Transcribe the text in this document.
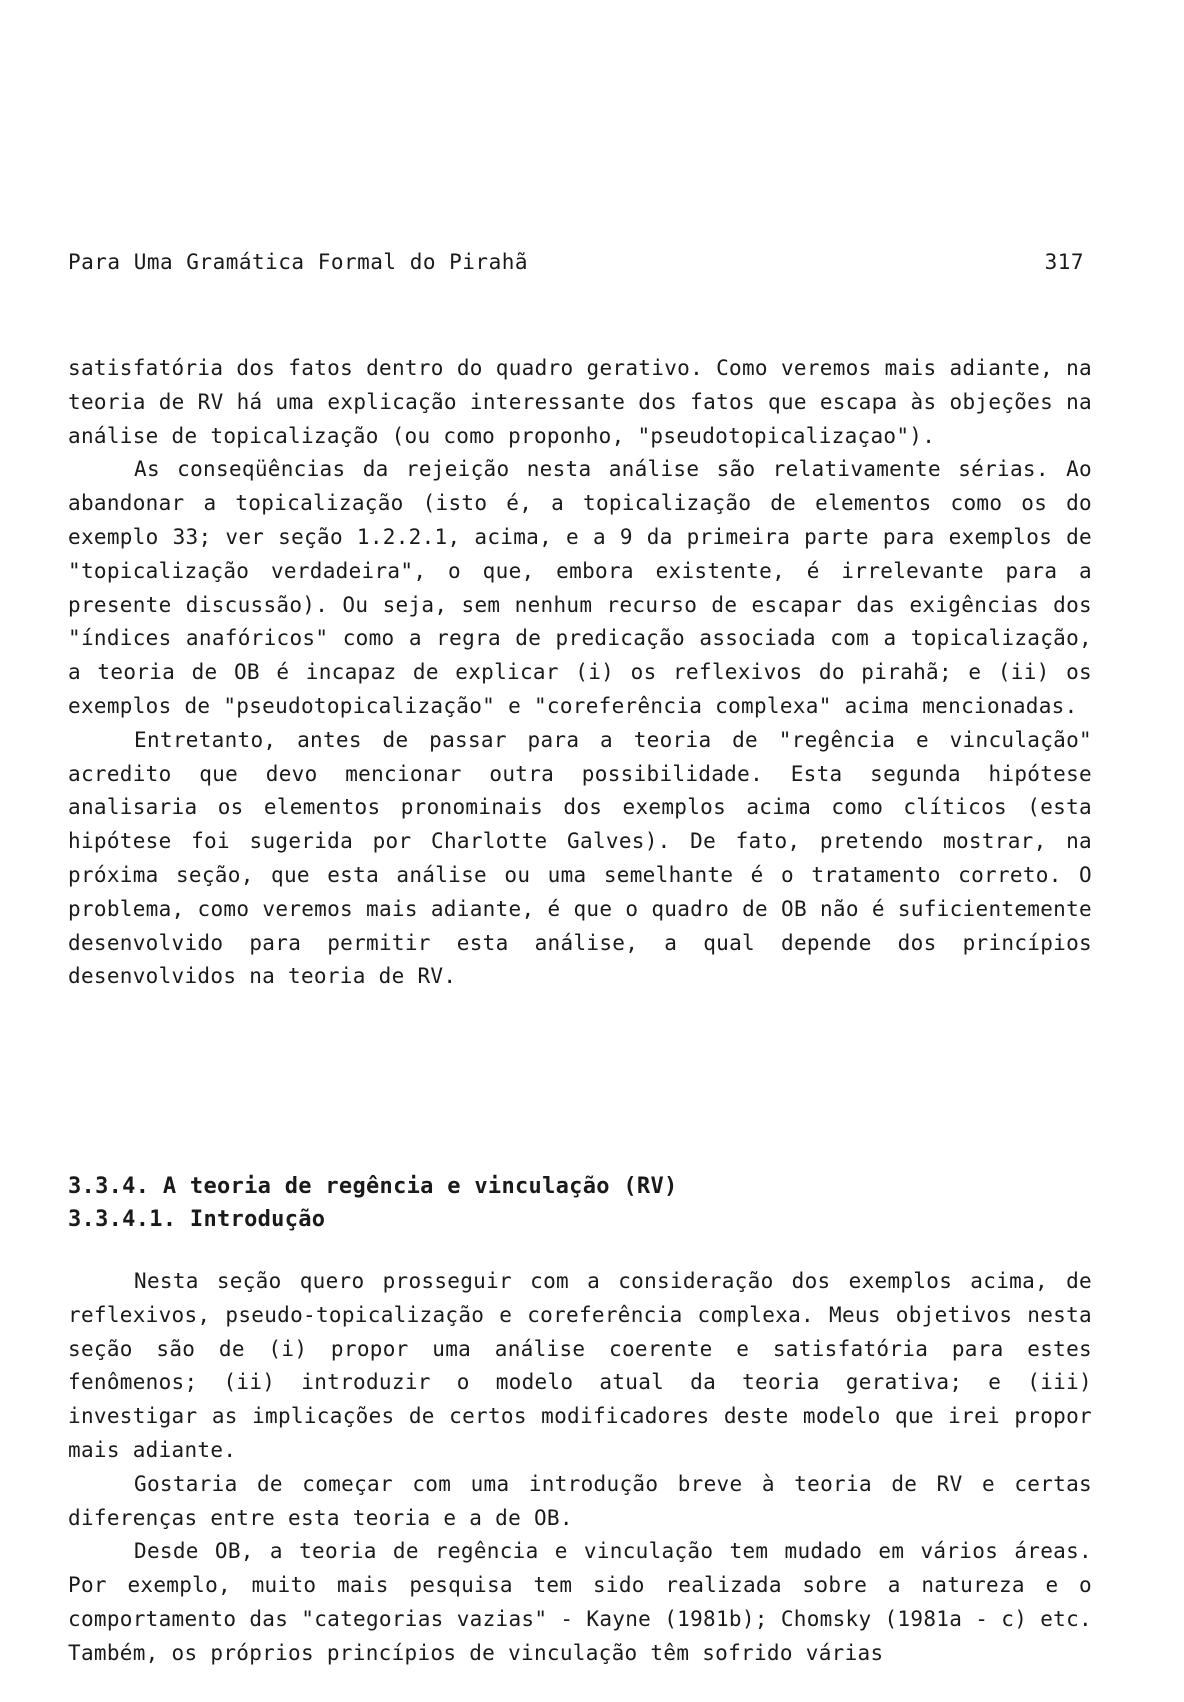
Para Uma Gramática Formal do Pirahã	317

satisfatória dos fatos dentro do quadro gerativo. Como veremos mais adiante, na teoria de RV há uma explicação interessante dos fatos que escapa às objeções na análise de topicalização (ou como proponho, "pseudotopicalizaçao").

As conseqüências da rejeição nesta análise são relativamente sérias. Ao abandonar a topicalização (isto é, a topicalização de elementos como os do exemplo 33; ver seção 1.2.2.1, acima, e a 9 da primeira parte para exemplos de "topicalização verdadeira", o que, embora existente, é irrelevante para a presente discussão). Ou seja, sem nenhum recurso de escapar das exigências dos "índices anafóricos" como a regra de predicação associada com a topicalização, a teoria de OB é incapaz de explicar (i) os reflexivos do pirahã; e (ii) os exemplos de "pseudotopicalização" e "coreferência complexa" acima mencionadas.

Entretanto, antes de passar para a teoria de "regência e vinculação" acredito que devo mencionar outra possibilidade. Esta segunda hipótese analisaria os elementos pronominais dos exemplos acima como clíticos (esta hipótese foi sugerida por Charlotte Galves). De fato, pretendo mostrar, na próxima seção, que esta análise ou uma semelhante é o tratamento correto. O problema, como veremos mais adiante, é que o quadro de OB não é suficientemente desenvolvido para permitir esta análise, a qual depende dos princípios desenvolvidos na teoria de RV.

3.3.4. A teoria de regência e vinculação (RV)
3.3.4.1. Introdução

Nesta seção quero prosseguir com a consideração dos exemplos acima, de reflexivos, pseudo-topicalização e coreferência complexa. Meus objetivos nesta seção são de (i) propor uma análise coerente e satisfatória para estes fenômenos; (ii) introduzir o modelo atual da teoria gerativa; e (iii) investigar as implicações de certos modificadores deste modelo que irei propor mais adiante.

Gostaria de começar com uma introdução breve à teoria de RV e certas diferenças entre esta teoria e a de OB.

Desde OB, a teoria de regência e vinculação tem mudado em vários áreas. Por exemplo, muito mais pesquisa tem sido realizada sobre a natureza e o comportamento das "categorias vazias" - Kayne (1981b); Chomsky (1981a - c) etc. Também, os próprios princípios de vinculação têm sofrido várias
